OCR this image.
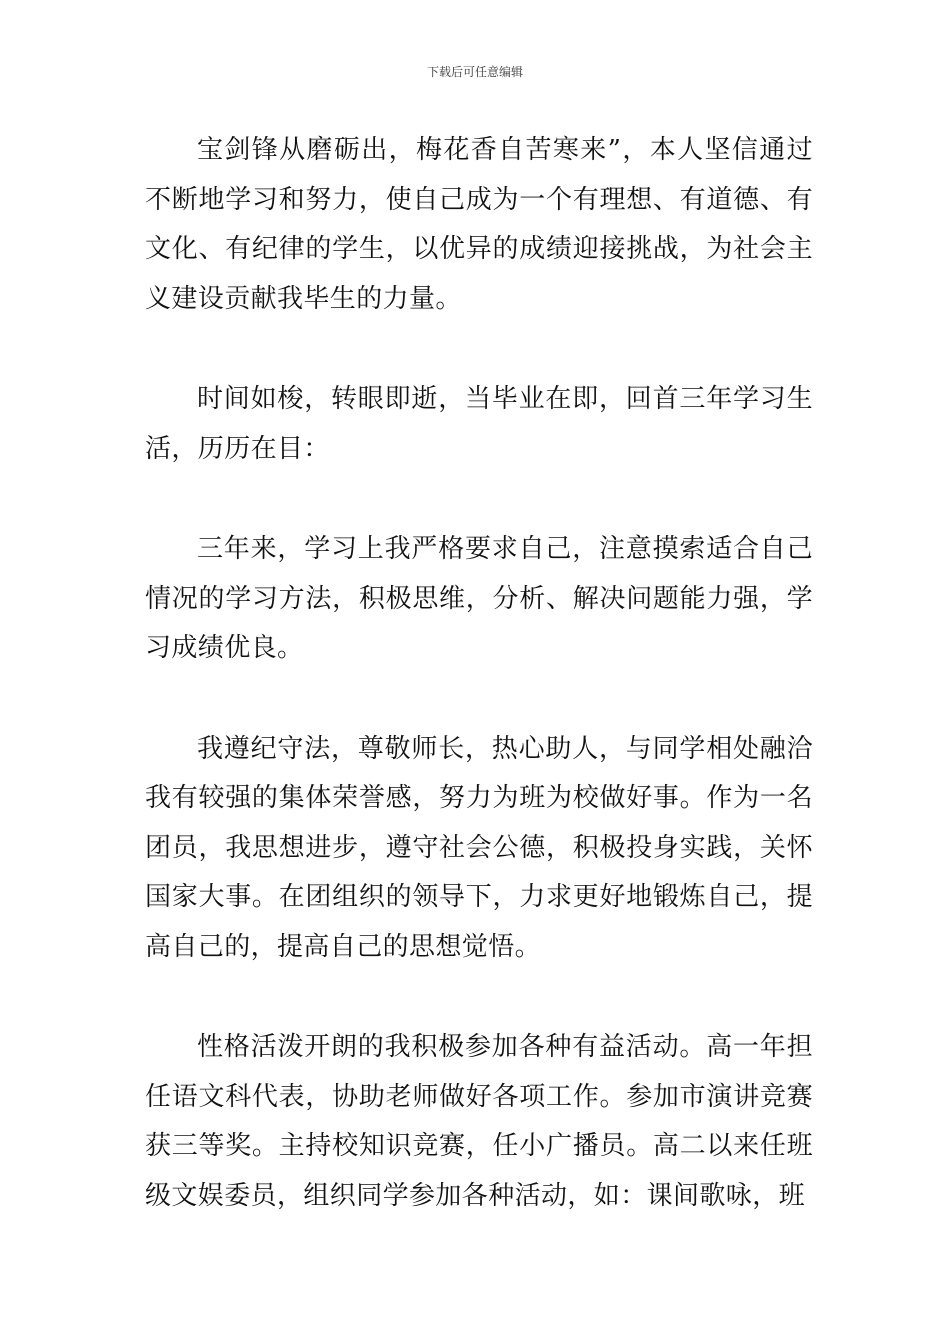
下载后可任意编辑

宝剑锋从磨砺出，梅花香自苦寒来”，本人坚信通过不断地学习和努力，使自己成为一个有理想、有道德、有文化、有纪律的学生，以优异的成绩迎接挑战，为社会主义建设贡献我毕生的力量。

时间如梭，转眼即逝，当毕业在即，回首三年学习生活，历历在目：

三年来，学习上我严格要求自己，注意摸索适合自己情况的学习方法，积极思维，分析、解决问题能力强，学习成绩优良。

我遵纪守法，尊敬师长，热心助人，与同学相处融洽我有较强的集体荣誉感，努力为班为校做好事。作为一名团员，我思想进步，遵守社会公德，积极投身实践，关怀国家大事。在团组织的领导下，力求更好地锻炼自己，提高自己的，提高自己的思想觉悟。

性格活泼开朗的我积极参加各种有益活动。高一年担任语文科代表，协助老师做好各项工作。参加市演讲竞赛获三等奖。主持校知识竞赛，任小广播员。高二以来任班级文娱委员，组织同学参加各种活动，如：课间歌咏，班
